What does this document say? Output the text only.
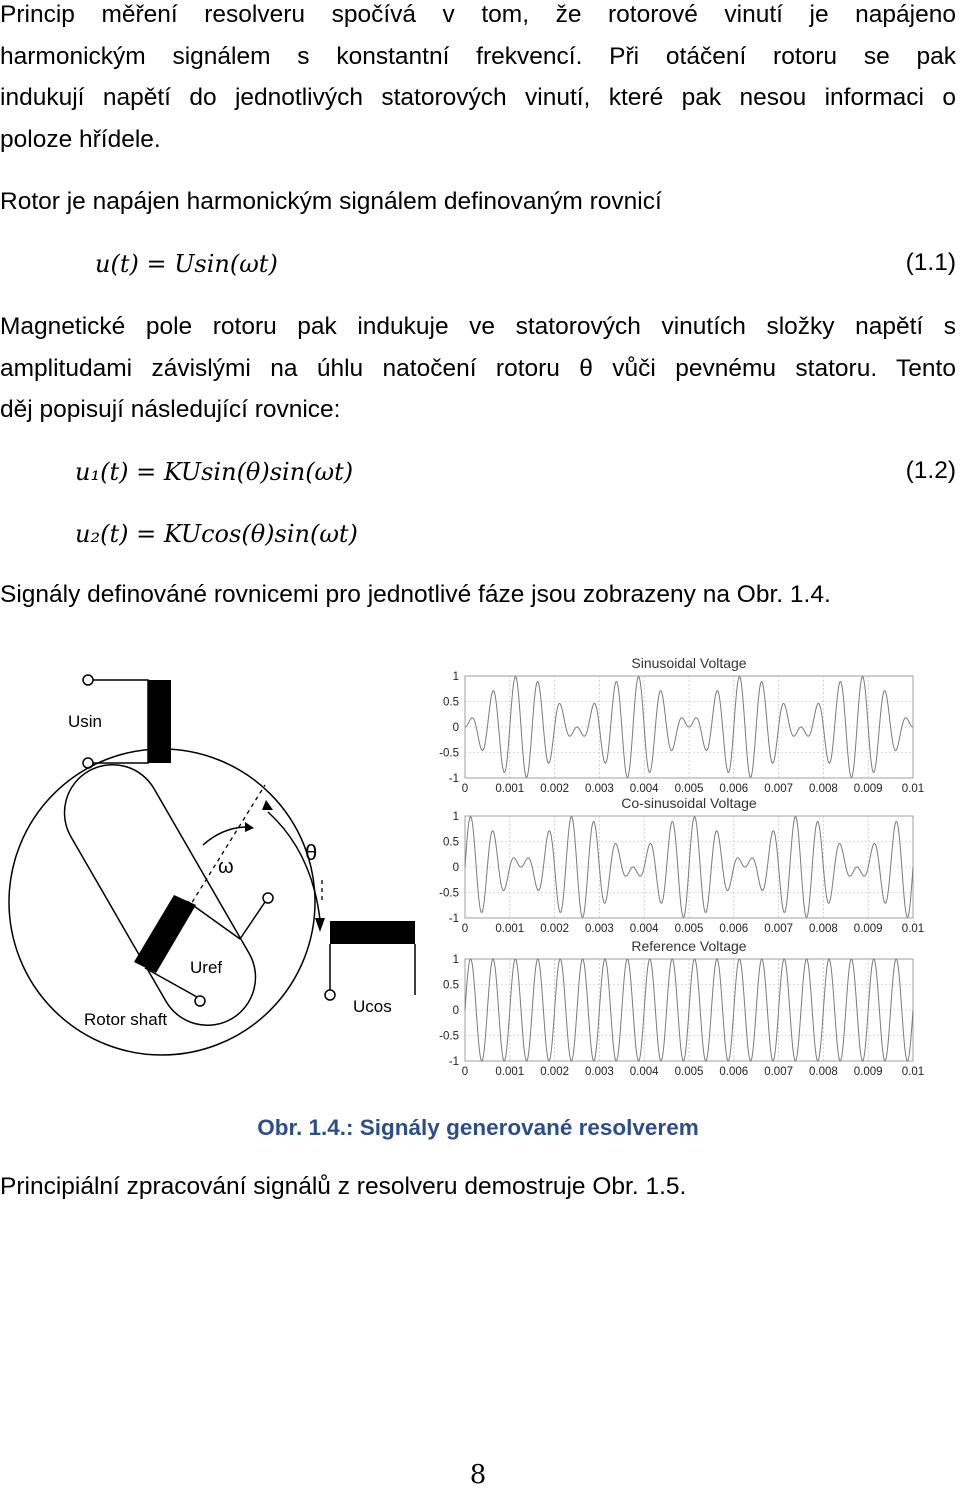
Princip měření resolveru spočívá v tom, že rotorové vinutí je napájeno
harmonickým signálem s konstantní frekvencí. Při otáčení rotoru se pak
indukují napětí do jednotlivých statorových vinutí, které pak nesou informaci o
poloze hřídele.
Rotor je napájen harmonickým signálem definovaným rovnicí
u(t) = Usin(ωt)	(1.1)
Magnetické pole rotoru pak indukuje ve statorových vinutích složky napětí s
amplitudami závislými na úhlu natočení rotoru θ vůči pevnému statoru. Tento
děj popisují následující rovnice:
u₁(t) = KUsin(θ)sin(ωt)	(1.2)
u₂(t) = KUcos(θ)sin(ωt)
Signály definováné rovnicemi pro jednotlivé fáze jsou zobrazeny na Obr. 1.4.
Usin
Uref
Rotor shaft
ω
θ
Ucos
Sinusoidal Voltage
1
0.5
0
-0.5
-1
0 0.001 0.002 0.003 0.004 0.005 0.006 0.007 0.008 0.009 0.01
Co-sinusoidal Voltage
1
0.5
0
-0.5
-1
0 0.001 0.002 0.003 0.004 0.005 0.006 0.007 0.008 0.009 0.01
Reference Voltage
1
0.5
0
-0.5
-1
0 0.001 0.002 0.003 0.004 0.005 0.006 0.007 0.008 0.009 0.01
Obr. 1.4.: Signály generované resolverem
Principiální zpracování signálů z resolveru demostruje Obr. 1.5.
8
